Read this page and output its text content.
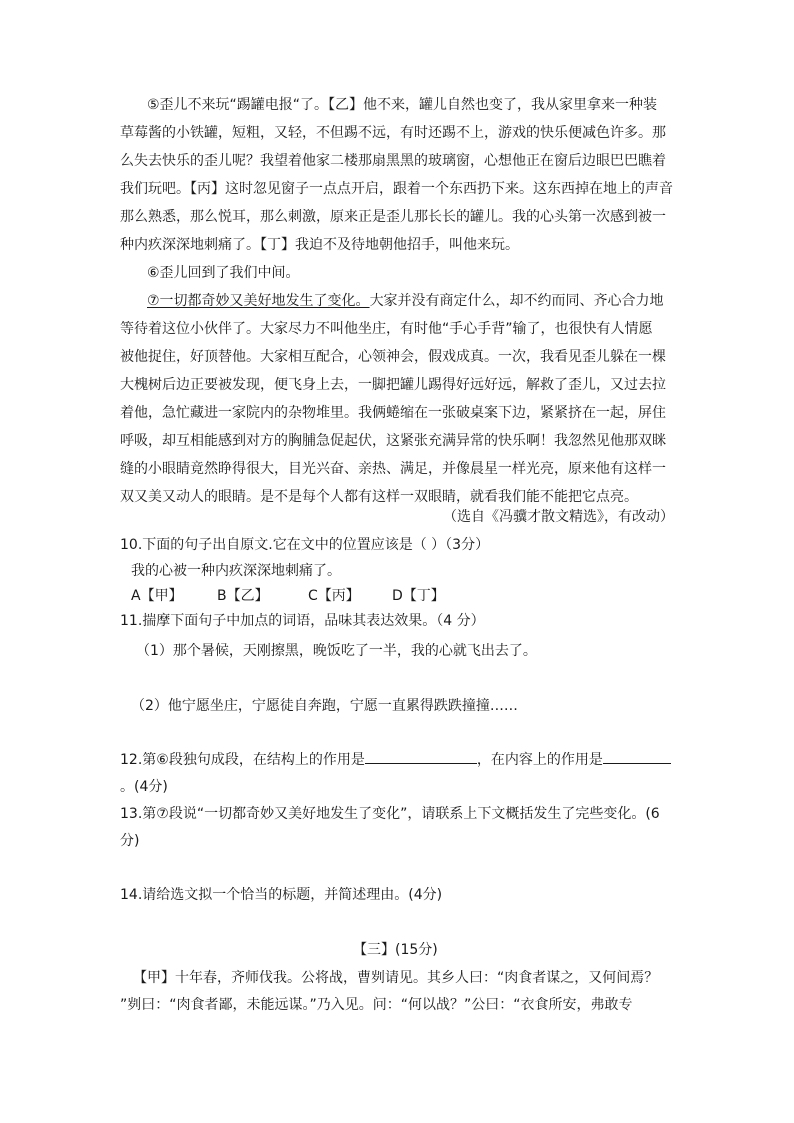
⑤歪儿不来玩“踢罐电报“了。【乙】他不来，罐儿自然也变了，我从家里拿来一种装
草莓酱的小铁罐，短粗，又轻，不但踢不远，有时还踢不上，游戏的快乐便减色许多。那
么失去快乐的歪儿呢？我望着他家二楼那扇黑黑的玻璃窗，心想他正在窗后边眼巴巴瞧着
我们玩吧。【丙】这时忽见窗子一点点开启，跟着一个东西扔下来。这东西掉在地上的声音
那么熟悉，那么悦耳，那么刺激，原来正是歪儿那长长的罐儿。我的心头第一次感到被一
种内疚深深地刺痛了。【丁】我迫不及待地朝他招手，叫他来玩。
⑥歪儿回到了我们中间。
⑦一切都奇妙又美好地发生了变化。大家并没有商定什么，却不约而同、齐心合力地
等待着这位小伙伴了。大家尽力不叫他坐庄，有时他“手心手背”输了，也很快有人情愿
被他捉住，好顶替他。大家相互配合，心领神会，假戏成真。一次，我看见歪儿躲在一棵
大槐树后边正要被发现，便飞身上去，一脚把罐儿踢得好远好远，解救了歪儿，又过去拉
着他，急忙藏进一家院内的杂物堆里。我俩蜷缩在一张破桌案下边，紧紧挤在一起，屏住
呼吸，却互相能感到对方的胸脯急促起伏，这紧张充满异常的快乐啊！我忽然见他那双眯
缝的小眼睛竟然睁得很大，目光兴奋、亲热、满足，并像晨星一样光亮，原来他有这样一
双又美又动人的眼睛。是不是每个人都有这样一双眼睛，就看我们能不能把它点亮。
（选自《冯骥才散文精选》，有改动）
10.下面的句子出自原文.它在文中的位置应该是（ ）（3分）
我的心被一种内疚深深地刺痛了。
A【甲】 B【乙】	C【丙】 D【丁】
11.揣摩下面句子中加点的词语，品味其表达效果。（4 分）
（1）那个暑候，天刚擦黑，晚饭吃了一半，我的心就飞出去了。
（2）他宁愿坐庄，宁愿徒自奔跑，宁愿一直累得跌跌撞撞……
12.第⑥段独句成段，在结构上的作用是	，在内容上的作用是
。(4分)
13.第⑦段说“一切都奇妙又美好地发生了变化”，请联系上下文概括发生了完些变化。(6
分)
14.请给选文拟一个恰当的标题，并简述理由。(4分)
【三】(15分)
【甲】十年春，齐师伐我。公将战，曹刿请见。其乡人曰：“肉食者谋之，又何间焉？
”刿曰：“肉食者鄙，未能远谋。”乃入见。问：“何以战？”公曰：“衣食所安，弗敢专
